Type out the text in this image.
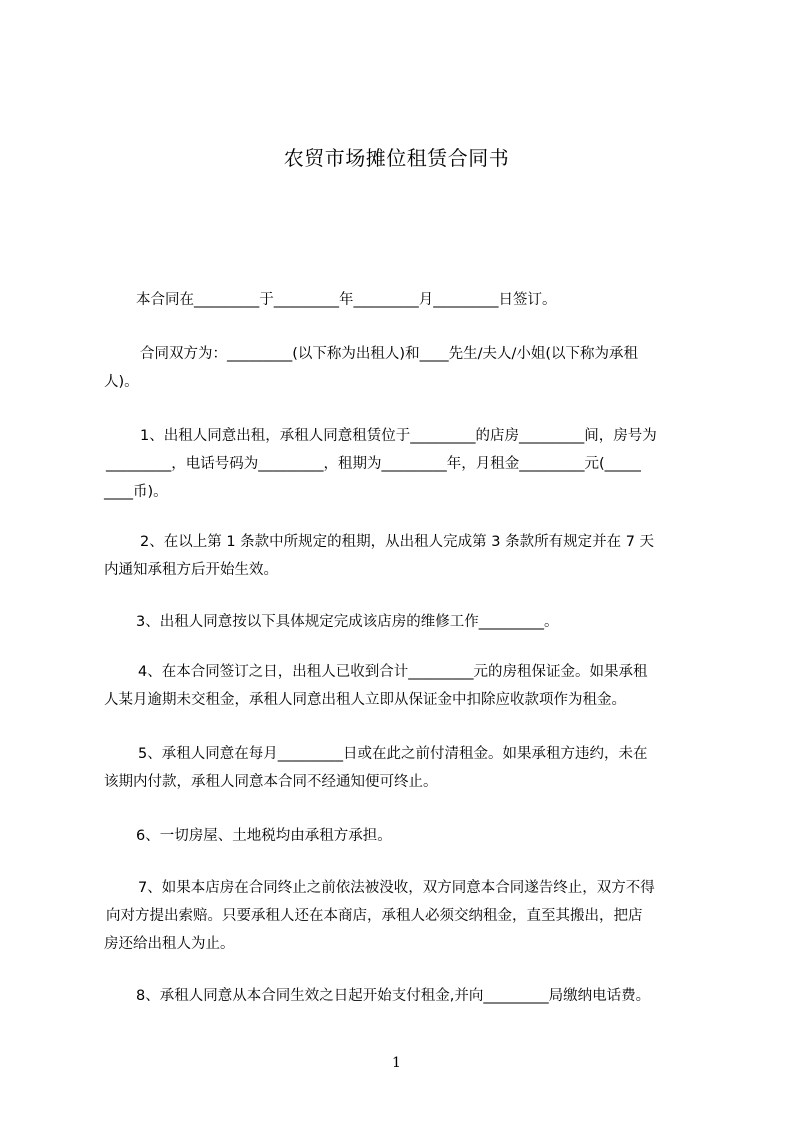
农贸市场摊位租赁合同书
本合同在_________于_________年_________月_________日签订。
合同双方为：_________(以下称为出租人)和____先生/夫人/小姐(以下称为承租
人)。
1、出租人同意出租，承租人同意租赁位于_________的店房_________间，房号为
_________，电话号码为_________，租期为_________年，月租金_________元(_____
____币)。
2、在以上第 1 条款中所规定的租期，从出租人完成第 3 条款所有规定并在 7 天
内通知承租方后开始生效。
3、出租人同意按以下具体规定完成该店房的维修工作_________。
4、在本合同签订之日，出租人已收到合计_________元的房租保证金。如果承租
人某月逾期未交租金，承租人同意出租人立即从保证金中扣除应收款项作为租金。
5、承租人同意在每月_________日或在此之前付清租金。如果承租方违约，未在
该期内付款，承租人同意本合同不经通知便可终止。
6、一切房屋、土地税均由承租方承担。
7、如果本店房在合同终止之前依法被没收，双方同意本合同遂告终止，双方不得
向对方提出索赔。只要承租人还在本商店，承租人必须交纳租金，直至其搬出，把店
房还给出租人为止。
8、承租人同意从本合同生效之日起开始支付租金,并向_________局缴纳电话费。
1
